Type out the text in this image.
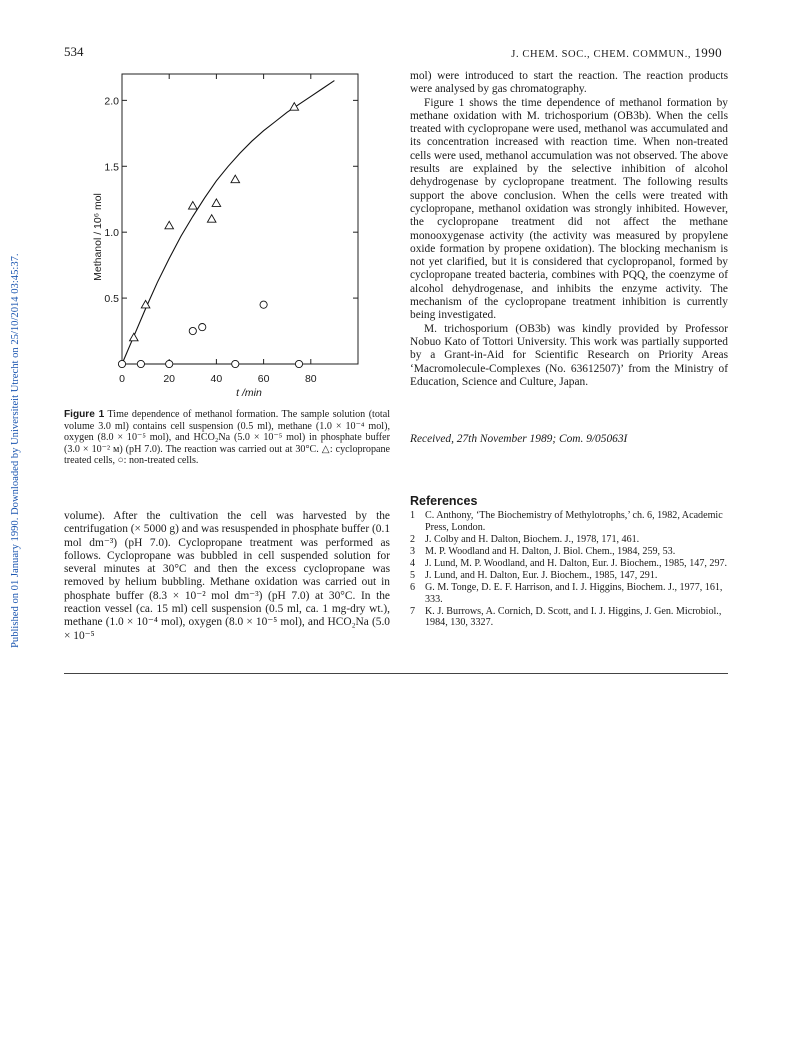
534	J. CHEM. SOC., CHEM. COMMUN., 1990
Published on 01 January 1990. Downloaded by Universiteit Utrecht on 25/10/2014 03:45:37.	0	20	40	60	80
0.5
1.0
1.5
2.0
t /min
Methanol / 10⁶ mol
Figure 1 Time dependence of methanol formation. The sample solution (total volume 3.0 ml) contains cell suspension (0.5 ml), methane (1.0 × 10⁻⁴ mol), oxygen (8.0 × 10⁻⁵ mol), and HCO₂Na (5.0 × 10⁻⁵ mol) in phosphate buffer (3.0 × 10⁻² м) (pH 7.0). The reaction was carried out at 30°C. △: cyclopropane treated cells, ○: non-treated cells.

volume). After the cultivation the cell was harvested by the centrifugation (× 5000 g) and was resuspended in phosphate buffer (0.1 mol dm⁻³) (pH 7.0). Cyclopropane treatment was performed as follows. Cyclopropane was bubbled in cell suspended solution for several minutes at 30°C and then the excess cyclopropane was removed by helium bubbling. Methane oxidation was carried out in phosphate buffer (8.3 × 10⁻² mol dm⁻³) (pH 7.0) at 30°C. In the reaction vessel (ca. 15 ml) cell suspension (0.5 ml, ca. 1 mg-dry wt.), methane (1.0 × 10⁻⁴ mol), oxygen (8.0 × 10⁻⁵ mol), and HCO₂Na (5.0 × 10⁻⁵

mol) were introduced to start the reaction. The reaction products were analysed by gas chromatography.

Figure 1 shows the time dependence of methanol formation by methane oxidation with M. trichosporium (OB3b). When the cells treated with cyclopropane were used, methanol was accumulated and its concentration increased with reaction time. When non-treated cells were used, methanol accumulation was not observed. The above results are explained by the selective inhibition of alcohol dehydrogenase by cyclopropane treatment. The following results support the above conclusion. When the cells were treated with cyclopropane, methanol oxidation was strongly inhibited. However, the cyclopropane treatment did not affect the methane monooxygenase activity (the activity was measured by propylene oxide formation by propene oxidation). The blocking mechanism is not yet clarified, but it is considered that cyclopropanol, formed by cyclopropane treated bacteria, combines with PQQ, the coenzyme of alcohol dehydrogenase, and inhibits the enzyme activity. The mechanism of the cyclopropane treatment inhibition is currently being investigated.

M. trichosporium (OB3b) was kindly provided by Professor Nobuo Kato of Tottori University. This work was partially supported by a Grant-in-Aid for Scientific Research on Priority Areas ‘Macromolecule-Complexes (No. 63612507)’ from the Ministry of Education, Science and Culture, Japan.

Received, 27th November 1989; Com. 9/05063I
References
1 C. Anthony, ‘The Biochemistry of Methylotrophs,’ ch. 6, 1982, Academic Press, London.
2 J. Colby and H. Dalton, Biochem. J., 1978, 171, 461.
3 M. P. Woodland and H. Dalton, J. Biol. Chem., 1984, 259, 53.
4 J. Lund, M. P. Woodland, and H. Dalton, Eur. J. Biochem., 1985, 147, 297.
5 J. Lund, and H. Dalton, Eur. J. Biochem., 1985, 147, 291.
6 G. M. Tonge, D. E. F. Harrison, and I. J. Higgins, Biochem. J., 1977, 161, 333.
7 K. J. Burrows, A. Cornich, D. Scott, and I. J. Higgins, J. Gen. Microbiol., 1984, 130, 3327.
